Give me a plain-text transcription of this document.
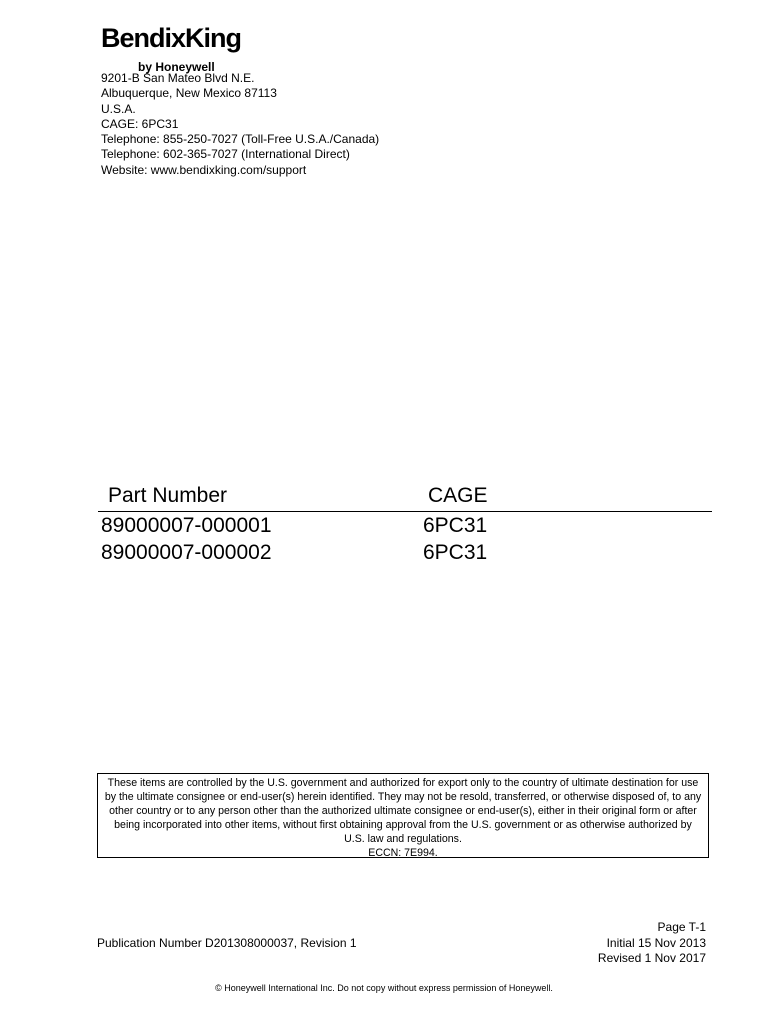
BendixKing
by Honeywell
9201-B San Mateo Blvd N.E.
Albuquerque, New Mexico 87113
U.S.A.
CAGE: 6PC31
Telephone: 855-250-7027 (Toll-Free U.S.A./Canada)
Telephone: 602-365-7027 (International Direct)
Website: www.bendixking.com/support
Part Number	CAGE
89000007-000001	6PC31
89000007-000002	6PC31
These items are controlled by the U.S. government and authorized for export only to the country of ultimate destination for use by the ultimate consignee or end-user(s) herein identified. They may not be resold, transferred, or otherwise disposed of, to any other country or to any person other than the authorized ultimate consignee or end-user(s), either in their original form or after being incorporated into other items, without first obtaining approval from the U.S. government or as otherwise authorized by U.S. law and regulations.
ECCN: 7E994.
Publication Number D201308000037, Revision 1
Page T-1
Initial 15 Nov 2013
Revised 1 Nov 2017
© Honeywell International Inc. Do not copy without express permission of Honeywell.
